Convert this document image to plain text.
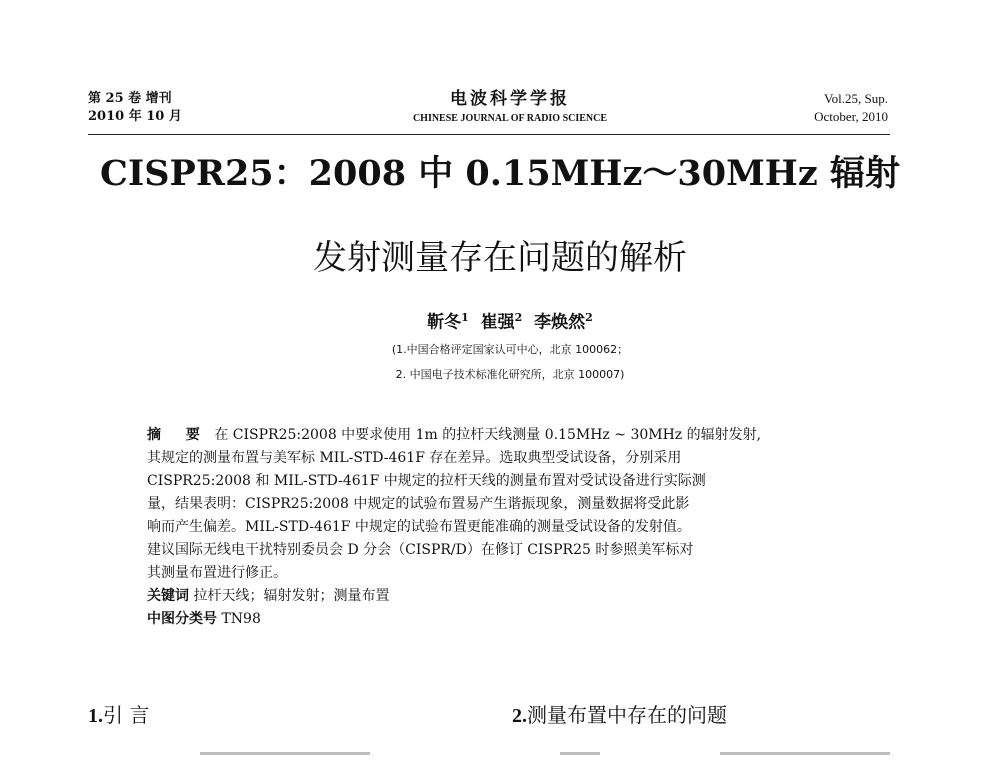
第 25 卷 增刊
2010 年 10 月
电波科学学报
CHINESE JOURNAL OF RADIO SCIENCE
Vol.25, Sup.
October, 2010
CISPR25：2008 中 0.15MHz～30MHz 辐射
发射测量存在问题的解析
靳冬$^1$ 崔强$^2$ 李焕然$^2$
(1.中国合格评定国家认可中心，北京 100062；
2. 中国电子技术标准化研究所，北京 100007)
摘 要 在 CISPR25:2008 中要求使用 1m 的拉杆天线测量 0.15MHz ~ 30MHz 的辐射发射,
其规定的测量布置与美军标 MIL-STD-461F 存在差异。选取典型受试设备，分别采用
CISPR25:2008 和 MIL-STD-461F 中规定的拉杆天线的测量布置对受试设备进行实际测
量，结果表明：CISPR25:2008 中规定的试验布置易产生谐振现象，测量数据将受此影
响而产生偏差。MIL-STD-461F 中规定的试验布置更能准确的测量受试设备的发射值。
建议国际无线电干扰特别委员会 D 分会（CISPR/D）在修订 CISPR25 时参照美军标对
其测量布置进行修正。
关键词 拉杆天线；辐射发射；测量布置
中图分类号 TN98
1.引 言	2.测量布置中存在的问题
